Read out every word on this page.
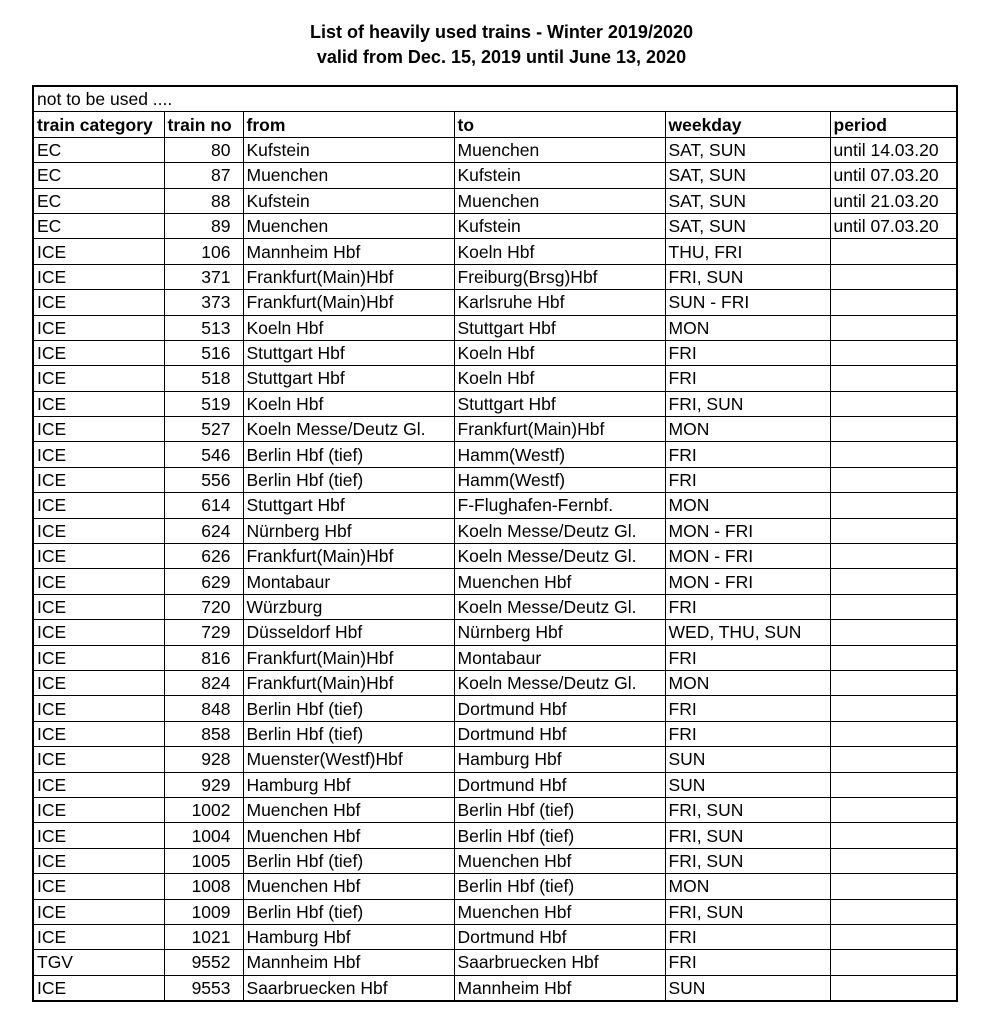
List of heavily used trains - Winter 2019/2020
valid from Dec. 15, 2019 until June 13, 2020
not to be used ....					
train category	train no	from	to	weekday	period
EC	80	Kufstein	Muenchen	SAT, SUN	until 14.03.20
EC	87	Muenchen	Kufstein	SAT, SUN	until 07.03.20
EC	88	Kufstein	Muenchen	SAT, SUN	until 21.03.20
EC	89	Muenchen	Kufstein	SAT, SUN	until 07.03.20
ICE	106	Mannheim Hbf	Koeln Hbf	THU, FRI	
ICE	371	Frankfurt(Main)Hbf	Freiburg(Brsg)Hbf	FRI, SUN	
ICE	373	Frankfurt(Main)Hbf	Karlsruhe Hbf	SUN - FRI	
ICE	513	Koeln Hbf	Stuttgart Hbf	MON	
ICE	516	Stuttgart Hbf	Koeln Hbf	FRI	
ICE	518	Stuttgart Hbf	Koeln Hbf	FRI	
ICE	519	Koeln Hbf	Stuttgart Hbf	FRI, SUN	
ICE	527	Koeln Messe/Deutz Gl.	Frankfurt(Main)Hbf	MON	
ICE	546	Berlin Hbf (tief)	Hamm(Westf)	FRI	
ICE	556	Berlin Hbf (tief)	Hamm(Westf)	FRI	
ICE	614	Stuttgart Hbf	F-Flughafen-Fernbf.	MON	
ICE	624	Nürnberg Hbf	Koeln Messe/Deutz Gl.	MON - FRI	
ICE	626	Frankfurt(Main)Hbf	Koeln Messe/Deutz Gl.	MON - FRI	
ICE	629	Montabaur	Muenchen Hbf	MON - FRI	
ICE	720	Würzburg	Koeln Messe/Deutz Gl.	FRI	
ICE	729	Düsseldorf Hbf	Nürnberg Hbf	WED, THU, SUN	
ICE	816	Frankfurt(Main)Hbf	Montabaur	FRI	
ICE	824	Frankfurt(Main)Hbf	Koeln Messe/Deutz Gl.	MON	
ICE	848	Berlin Hbf (tief)	Dortmund Hbf	FRI	
ICE	858	Berlin Hbf (tief)	Dortmund Hbf	FRI	
ICE	928	Muenster(Westf)Hbf	Hamburg Hbf	SUN	
ICE	929	Hamburg Hbf	Dortmund Hbf	SUN	
ICE	1002	Muenchen Hbf	Berlin Hbf (tief)	FRI, SUN	
ICE	1004	Muenchen Hbf	Berlin Hbf (tief)	FRI, SUN	
ICE	1005	Berlin Hbf (tief)	Muenchen Hbf	FRI, SUN	
ICE	1008	Muenchen Hbf	Berlin Hbf (tief)	MON	
ICE	1009	Berlin Hbf (tief)	Muenchen Hbf	FRI, SUN	
ICE	1021	Hamburg Hbf	Dortmund Hbf	FRI	
TGV	9552	Mannheim Hbf	Saarbruecken Hbf	FRI	
ICE	9553	Saarbruecken Hbf	Mannheim Hbf	SUN	
